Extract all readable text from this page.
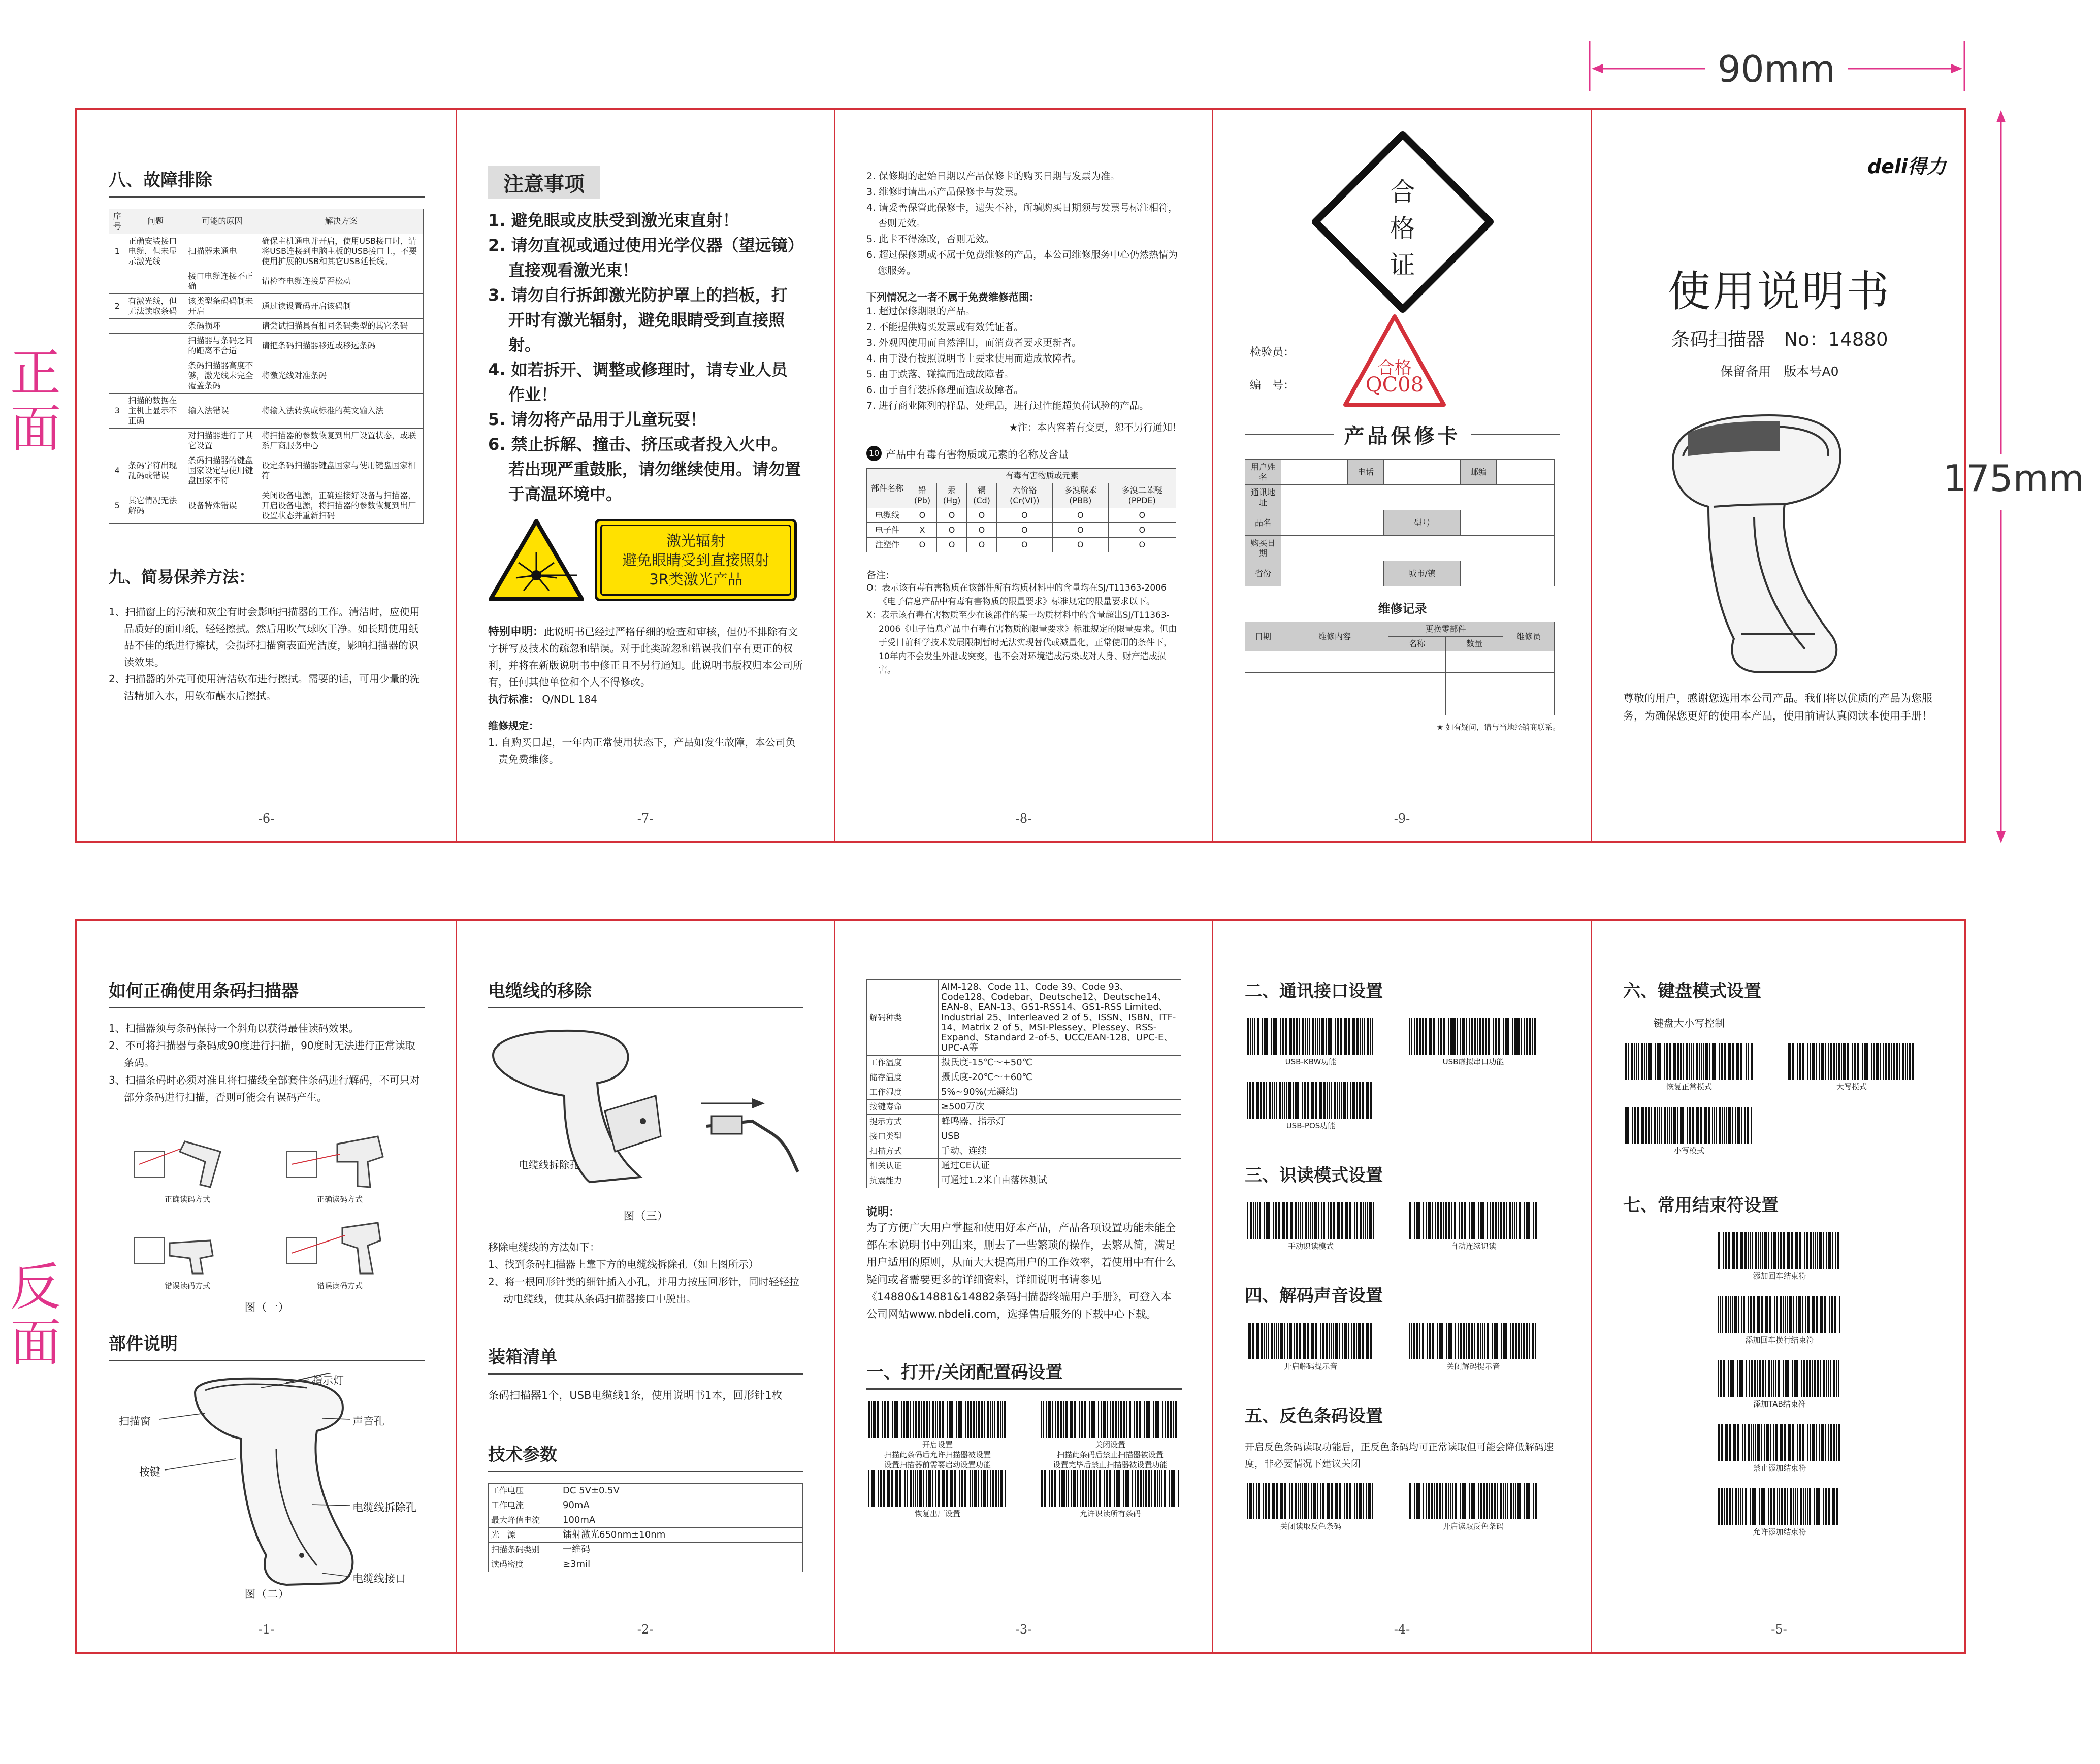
90mm
175mm
正面
反面
八、故障排除
序号	问题	可能的原因	解决方案
1	正确安装接口电缆，但未显示激光线	扫描器未通电	确保主机通电并开启，使用USB接口时，请将USB连接到电脑主板的USB接口上，不要使用扩展的USB和其它USB延长线。
		接口电缆连接不正确	请检查电缆连接是否松动
2	有激光线，但无法读取条码	该类型条码码制未开启	通过读设置码开启该码制
		条码损坏	请尝试扫描具有相同条码类型的其它条码
		扫描器与条码之间的距离不合适	请把条码扫描器移近或移远条码
		条码扫描器高度不够，激光线未完全覆盖条码	将激光线对准条码
3	扫描的数据在主机上显示不正确	输入法错误	将输入法转换成标准的英文输入法
		对扫描器进行了其它设置	将扫描器的参数恢复到出厂设置状态，或联系厂商服务中心
4	条码字符出现乱码或错误	条码扫描器的键盘国家设定与使用键盘国家不符	设定条码扫描器键盘国家与使用键盘国家相符
5	其它情况无法解码	设备特殊错误	关闭设备电源，正确连接好设备与扫描器，开启设备电源，将扫描器的参数恢复到出厂设置状态并重新扫码
九、简易保养方法：
1、扫描窗上的污渍和灰尘有时会影响扫描器的工作。清洁时，应使用品质好的面巾纸，轻轻擦拭。然后用吹气球吹干净。如长期使用纸品不佳的纸进行擦拭，会损坏扫描窗表面光洁度，影响扫描器的识读效果。
2、扫描器的外壳可使用清洁软布进行擦拭。需要的话，可用少量的洗洁精加入水，用软布蘸水后擦拭。
-6-
注意事项
1. 避免眼或皮肤受到激光束直射！
2. 请勿直视或通过使用光学仪器（望远镜）直接观看激光束！
3. 请勿自行拆卸激光防护罩上的挡板，打开时有激光辐射，避免眼睛受到直接照射。
4. 如若拆开、调整或修理时，请专业人员作业！
5. 请勿将产品用于儿童玩耍！
6. 禁止拆解、撞击、挤压或者投入火中。若出现严重鼓胀，请勿继续使用。请勿置于高温环境中。
激光辐射
避免眼睛受到直接照射
3R类激光产品
特别申明：此说明书已经过严格仔细的检查和审核，但仍不排除有文字拼写及技术的疏忽和错误。对于此类疏忽和错误我们享有更正的权利，并将在新版说明书中修正且不另行通知。此说明书版权归本公司所有，任何其他单位和个人不得修改。
执行标准： Q/NDL 184
维修规定：
1. 自购买日起，一年内正常使用状态下，产品如发生故障，本公司负责免费维修。
-7-
2. 保修期的起始日期以产品保修卡的购买日期与发票为准。
3. 维修时请出示产品保修卡与发票。
4. 请妥善保管此保修卡，遗失不补，所填购买日期须与发票号标注相符，否则无效。
5. 此卡不得涂改，否则无效。
6. 超过保修期或不属于免费维修的产品，本公司维修服务中心仍然热情为您服务。
下列情况之一者不属于免费维修范围：
1. 超过保修期限的产品。
2. 不能提供购买发票或有效凭证者。
3. 外观因使用而自然浮旧，而消费者要求更新者。
4. 由于没有按照说明书上要求使用而造成故障者。
5. 由于跌落、碰撞而造成故障者。
6. 由于自行装拆修理而造成故障者。
7. 进行商业陈列的样品、处理品，进行过性能超负荷试验的产品。
★注：本内容若有变更，恕不另行通知！
10 产品中有毒有害物质或元素的名称及含量
部件名称	有毒有害物质或元素					
	铅(Pb)	汞(Hg)	镉(Cd)	六价铬(Cr(VI))	多溴联苯(PBB)	多溴二苯醚(PPDE)
电缆线	O	O	O	O	O	O
电子件	X	O	O	O	O	O
注塑件	O	O	O	O	O	O
备注:
O：表示该有毒有害物质在该部件所有均质材料中的含量均在SJ/T11363-2006《电子信息产品中有毒有害物质的限量要求》标准规定的限量要求以下。
X：表示该有毒有害物质至少在该部件的某一均质材料中的含量超出SJ/T11363-2006《电子信息产品中有毒有害物质的限量要求》标准规定的限量要求。但由于受目前科学技术发展限制暂时无法实现替代或减量化，正常使用的条件下，10年内不会发生外泄或突变，也不会对环境造成污染或对人身、财产造成损害。
-8-
合
格
证
检验员：
编　号：
合格
QC08
产品保修卡
用户姓名		电话		邮编	
通讯地址					
品名			型号		
购买日期					
省份			城市/镇		
维修记录
日期	维修内容	更换零部件		维修员
		名称	数量	

★ 如有疑问，请与当地经销商联系。
-9-
deli得力
使用说明书
条码扫描器　No：14880
保留备用　版本号A0
尊敬的用户，感谢您选用本公司产品。我们将以优质的产品为您服务，为确保您更好的使用本产品，使用前请认真阅读本使用手册！
如何正确使用条码扫描器
1、扫描器须与条码保持一个斜角以获得最佳读码效果。
2、不可将扫描器与条码成90度进行扫描，90度时无法进行正常读取条码。
3、扫描条码时必须对准且将扫描线全部套住条码进行解码，不可只对部分条码进行扫描，否则可能会有误码产生。
正确读码方式	正确读码方式
错误读码方式	错误读码方式
图（一）
部件说明
指示灯
扫描窗	声音孔
按键
电缆线拆除孔
电缆线接口
图（二）
-1-
电缆线的移除
电缆线拆除孔
图（三）
移除电缆线的方法如下：
1、找到条码扫描器上靠下方的电缆线拆除孔（如上图所示）
2、将一根回形针类的细针插入小孔，并用力按压回形针，同时轻轻拉动电缆线，使其从条码扫描器接口中脱出。
装箱清单
条码扫描器1个，USB电缆线1条，使用说明书1本，回形针1枚
技术参数
工作电压	DC 5V±0.5V
工作电流	90mA
最大峰值电流	100mA
光　源	镭射激光650nm±10nm
扫描条码类别	一维码
读码密度	≥3mil
-2-
解码种类	AIM-128、Code 11、Code 39、Code 93、Code128、Codebar、Deutsche12、Deutsche14、EAN-8、EAN-13、GS1-RSS14、GS1-RSS Limited、Industrial 25、Interleaved 2 of 5、ISSN、ISBN、ITF-14、Matrix 2 of 5、MSI-Plessey、Plessey、RSS-Expand、Standard 2-of-5、UCC/EAN-128、UPC-E、UPC-A等
工作温度	摄氏度-15℃～+50℃
储存温度	摄氏度-20℃～+60℃
工作湿度	5%~90%(无凝结)
按键寿命	≥500万次
提示方式	蜂鸣器、指示灯
接口类型	USB
扫描方式	手动、连续
相关认证	通过CE认证
抗震能力	可通过1.2米自由落体测试
说明：
为了方便广大用户掌握和使用好本产品，产品各项设置功能未能全部在本说明书中列出来，删去了一些繁琐的操作，去繁从简，满足用户适用的原则，从而大大提高用户的工作效率，若使用中有什么疑问或者需要更多的详细资料，详细说明书请参见《14880&14881&14882条码扫描器终端用户手册》，可登入本公司网站www.nbdeli.com，选择售后服务的下载中心下载。
一、打开/关闭配置码设置
开启设置
扫描此条码后允许扫描器被设置
设置扫描器前需要启动设置功能
关闭设置
扫描此条码后禁止扫描器被设置
设置完毕后禁止扫描器被设置功能
恢复出厂设置	允许识读所有条码
-3-
二、通讯接口设置
USB-KBW功能	USB虚拟串口功能
USB-POS功能
三、识读模式设置
手动识读模式	自动连续识读
四、解码声音设置
开启解码提示音	关闭解码提示音
五、反色条码设置
开启反色条码读取功能后，正反色条码均可正常读取但可能会降低解码速度，非必要情况下建议关闭
关闭读取反色条码	开启读取反色条码
-4-
六、键盘模式设置
键盘大小写控制
恢复正常模式	大写模式
小写模式
七、常用结束符设置
添加回车结束符
添加回车换行结束符
添加TAB结束符
禁止添加结束符
允许添加结束符
-5-
